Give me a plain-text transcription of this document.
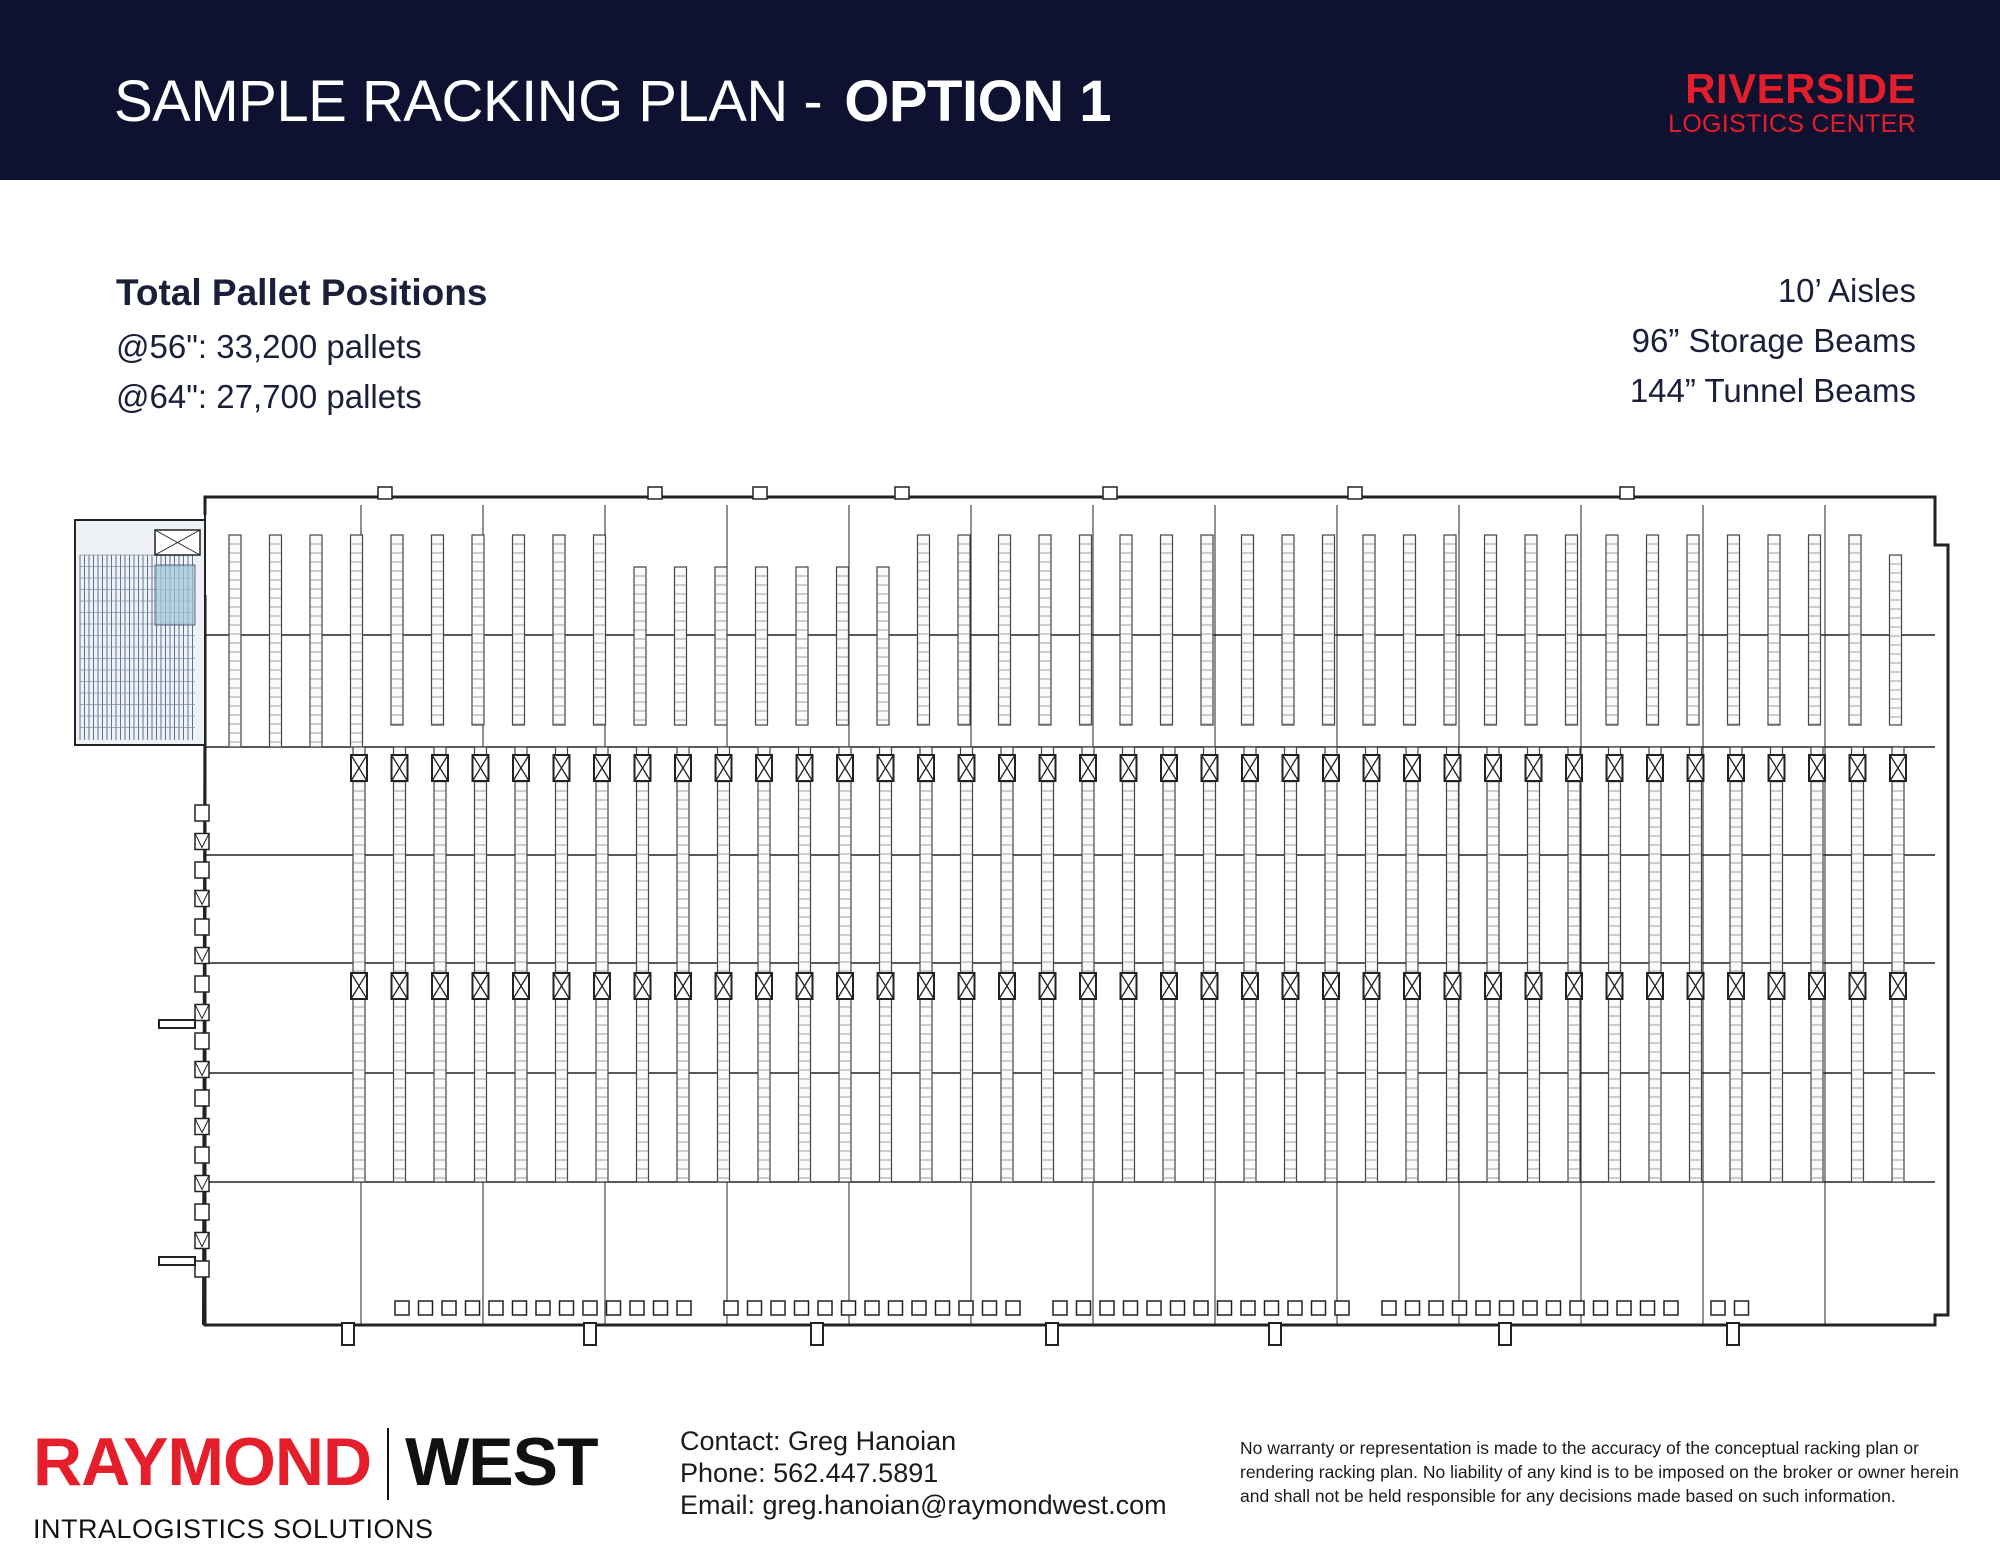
SAMPLE RACKING PLAN - OPTION 1	RIVERSIDE
LOGISTICS CENTER
Total Pallet Positions
@56": 33,200 pallets
@64": 27,700 pallets
10’ Aisles
96” Storage Beams
144” Tunnel Beams
RAYMOND WEST
INTRALOGISTICS SOLUTIONS
Contact: Greg Hanoian
Phone: 562.447.5891
Email: greg.hanoian@raymondwest.com
No warranty or representation is made to the accuracy of the conceptual racking plan or rendering racking plan. No liability of any kind is to be imposed on the broker or owner herein and shall not be held responsible for any decisions made based on such information.
